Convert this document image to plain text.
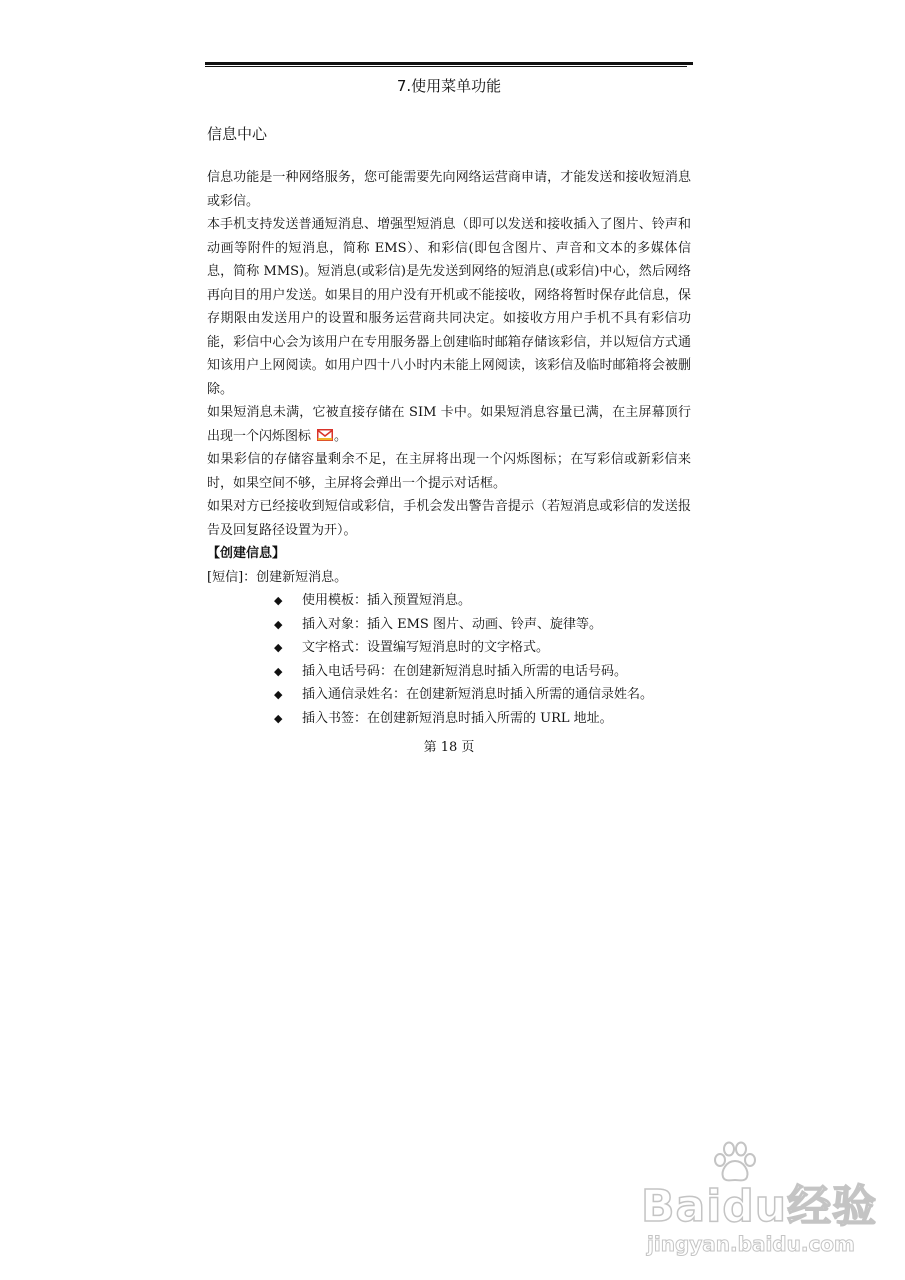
7.使用菜单功能
信息中心

信息功能是一种网络服务，您可能需要先向网络运营商申请，才能发送和接收短消息或彩信。

本手机支持发送普通短消息、增强型短消息（即可以发送和接收插入了图片、铃声和动画等附件的短消息，简称 EMS）、和彩信(即包含图片、声音和文本的多媒体信息，简称 MMS)。短消息(或彩信)是先发送到网络的短消息(或彩信)中心，然后网络再向目的用户发送。如果目的用户没有开机或不能接收，网络将暂时保存此信息，保存期限由发送用户的设置和服务运营商共同决定。如接收方用户手机不具有彩信功能，彩信中心会为该用户在专用服务器上创建临时邮箱存储该彩信，并以短信方式通知该用户上网阅读。如用户四十八小时内未能上网阅读，该彩信及临时邮箱将会被删除。

如果短消息未满，它被直接存储在 SIM 卡中。如果短消息容量已满，在主屏幕顶行出现一个闪烁图标 。

如果彩信的存储容量剩余不足，在主屏将出现一个闪烁图标；在写彩信或新彩信来时，如果空间不够，主屏将会弹出一个提示对话框。

如果对方已经接收到短信或彩信，手机会发出警告音提示（若短消息或彩信的发送报告及回复路径设置为开）。

【创建信息】

[短信]：创建新短消息。

◆	使用模板：插入预置短消息。
◆	插入对象：插入 EMS 图片、动画、铃声、旋律等。
◆	文字格式：设置编写短消息时的文字格式。
◆	插入电话号码：在创建新短消息时插入所需的电话号码。
◆	插入通信录姓名：在创建新短消息时插入所需的通信录姓名。
◆	插入书签：在创建新短消息时插入所需的 URL 地址。
第 18 页
Baidu经验
jingyan.baidu.com
